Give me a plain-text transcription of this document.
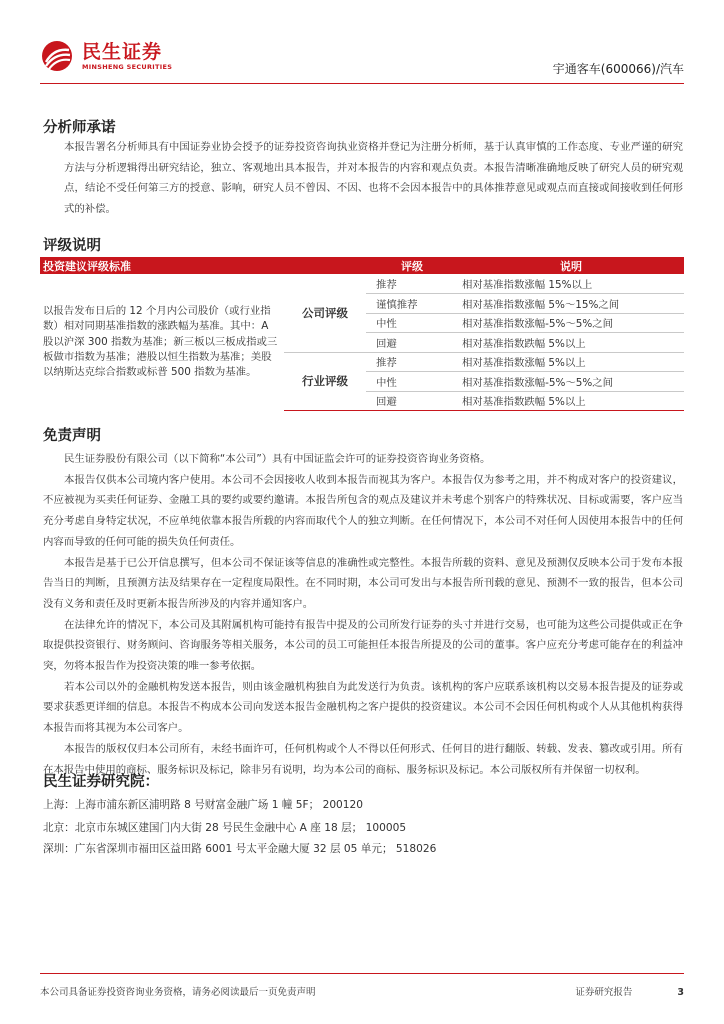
民生证券
MINSHENG SECURITIES	宇通客车(600066)/汽车
分析师承诺
本报告署名分析师具有中国证券业协会授予的证券投资咨询执业资格并登记为注册分析师，基于认真审慎的工作态度、专业严谨的研究方法与分析逻辑得出研究结论，独立、客观地出具本报告，并对本报告的内容和观点负责。本报告清晰准确地反映了研究人员的研究观点，结论不受任何第三方的授意、影响，研究人员不曾因、不因、也将不会因本报告中的具体推荐意见或观点而直接或间接收到任何形式的补偿。
评级说明
投资建议评级标准		评级	说明
以报告发布日后的 12 个月内公司股价（或行业指数）相对同期基准指数的涨跌幅为基准。其中：A 股以沪深 300 指数为基准；新三板以三板成指或三板做市指数为基准；港股以恒生指数为基准；美股以纳斯达克综合指数或标普 500 指数为基准。	公司评级	推荐	相对基准指数涨幅 15%以上
		谨慎推荐	相对基准指数涨幅 5%～15%之间
		中性	相对基准指数涨幅-5%～5%之间
		回避	相对基准指数跌幅 5%以上
	行业评级	推荐	相对基准指数涨幅 5%以上
		中性	相对基准指数涨幅-5%～5%之间
		回避	相对基准指数跌幅 5%以上
免责声明

民生证券股份有限公司（以下简称“本公司”）具有中国证监会许可的证券投资咨询业务资格。

本报告仅供本公司境内客户使用。本公司不会因接收人收到本报告而视其为客户。本报告仅为参考之用，并不构成对客户的投资建议，不应被视为买卖任何证券、金融工具的要约或要约邀请。本报告所包含的观点及建议并未考虑个别客户的特殊状况、目标或需要，客户应当充分考虑自身特定状况，不应单纯依靠本报告所载的内容而取代个人的独立判断。在任何情况下，本公司不对任何人因使用本报告中的任何内容而导致的任何可能的损失负任何责任。

本报告是基于已公开信息撰写，但本公司不保证该等信息的准确性或完整性。本报告所载的资料、意见及预测仅反映本公司于发布本报告当日的判断，且预测方法及结果存在一定程度局限性。在不同时期，本公司可发出与本报告所刊载的意见、预测不一致的报告，但本公司没有义务和责任及时更新本报告所涉及的内容并通知客户。

在法律允许的情况下，本公司及其附属机构可能持有报告中提及的公司所发行证券的头寸并进行交易，也可能为这些公司提供或正在争取提供投资银行、财务顾问、咨询服务等相关服务，本公司的员工可能担任本报告所提及的公司的董事。客户应充分考虑可能存在的利益冲突，勿将本报告作为投资决策的唯一参考依据。

若本公司以外的金融机构发送本报告，则由该金融机构独自为此发送行为负责。该机构的客户应联系该机构以交易本报告提及的证券或要求获悉更详细的信息。本报告不构成本公司向发送本报告金融机构之客户提供的投资建议。本公司不会因任何机构或个人从其他机构获得本报告而将其视为本公司客户。

本报告的版权仅归本公司所有，未经书面许可，任何机构或个人不得以任何形式、任何目的进行翻版、转载、发表、篡改或引用。所有在本报告中使用的商标、服务标识及标记，除非另有说明，均为本公司的商标、服务标识及标记。本公司版权所有并保留一切权利。

民生证券研究院：
上海：上海市浦东新区浦明路 8 号财富金融广场 1 幢 5F； 200120
北京：北京市东城区建国门内大街 28 号民生金融中心 A 座 18 层； 100005
深圳：广东省深圳市福田区益田路 6001 号太平金融大厦 32 层 05 单元； 518026
本公司具备证券投资咨询业务资格，请务必阅读最后一页免责声明	证券研究报告	3
